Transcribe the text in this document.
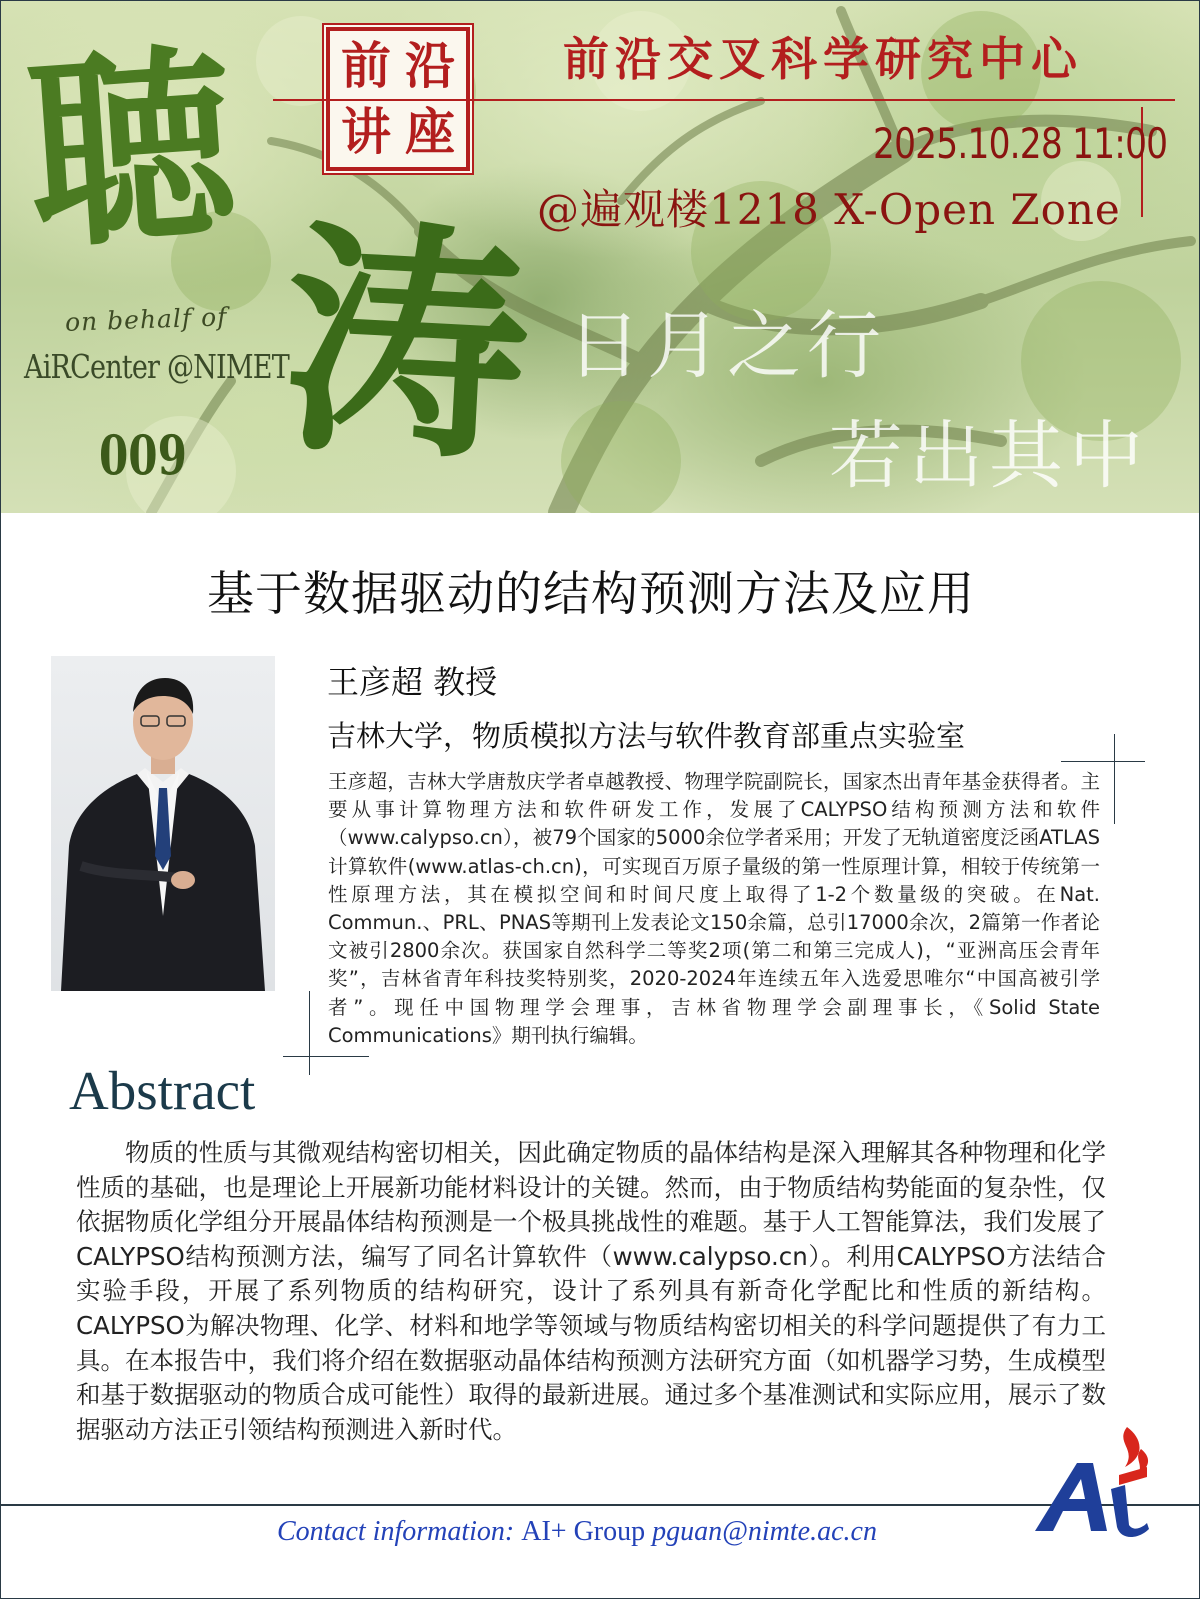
聴
涛
on behalf of
AiRCenter @NIMET
009
前 沿
讲 座
前沿交叉科学研究中心
2025.10.28 11:00
@遍观楼1218 X-Open Zone
日月之行
若出其中
基于数据驱动的结构预测方法及应用
王彦超 教授
吉林大学，物质模拟方法与软件教育部重点实验室
王彦超，吉林大学唐敖庆学者卓越教授、物理学院副院长，国家杰出青年基金获得者。主要从事计算物理方法和软件研发工作，发展了CALYPSO结构预测方法和软件（www.calypso.cn），被79个国家的5000余位学者采用；开发了无轨道密度泛函ATLAS计算软件(www.atlas-ch.cn)，可实现百万原子量级的第一性原理计算，相较于传统第一性原理方法，其在模拟空间和时间尺度上取得了1-2个数量级的突破。在Nat. Commun.、PRL、PNAS等期刊上发表论文150余篇，总引17000余次，2篇第一作者论文被引2800余次。获国家自然科学二等奖2项(第二和第三完成人)，“亚洲高压会青年奖”，吉林省青年科技奖特别奖，2020-2024年连续五年入选爱思唯尔“中国高被引学者”。现任中国物理学会理事，吉林省物理学会副理事长，《Solid State Communications》期刊执行编辑。
Abstract
物质的性质与其微观结构密切相关，因此确定物质的晶体结构是深入理解其各种物理和化学性质的基础，也是理论上开展新功能材料设计的关键。然而，由于物质结构势能面的复杂性，仅依据物质化学组分开展晶体结构预测是一个极具挑战性的难题。基于人工智能算法，我们发展了CALYPSO结构预测方法，编写了同名计算软件（www.calypso.cn）。利用CALYPSO方法结合实验手段，开展了系列物质的结构研究，设计了系列具有新奇化学配比和性质的新结构。CALYPSO为解决物理、化学、材料和地学等领域与物质结构密切相关的科学问题提供了有力工具。在本报告中，我们将介绍在数据驱动晶体结构预测方法研究方面（如机器学习势，生成模型和基于数据驱动的物质合成可能性）取得的最新进展。通过多个基准测试和实际应用，展示了数据驱动方法正引领结构预测进入新时代。
Contact information: AI+ Group pguan@nimte.ac.cn
